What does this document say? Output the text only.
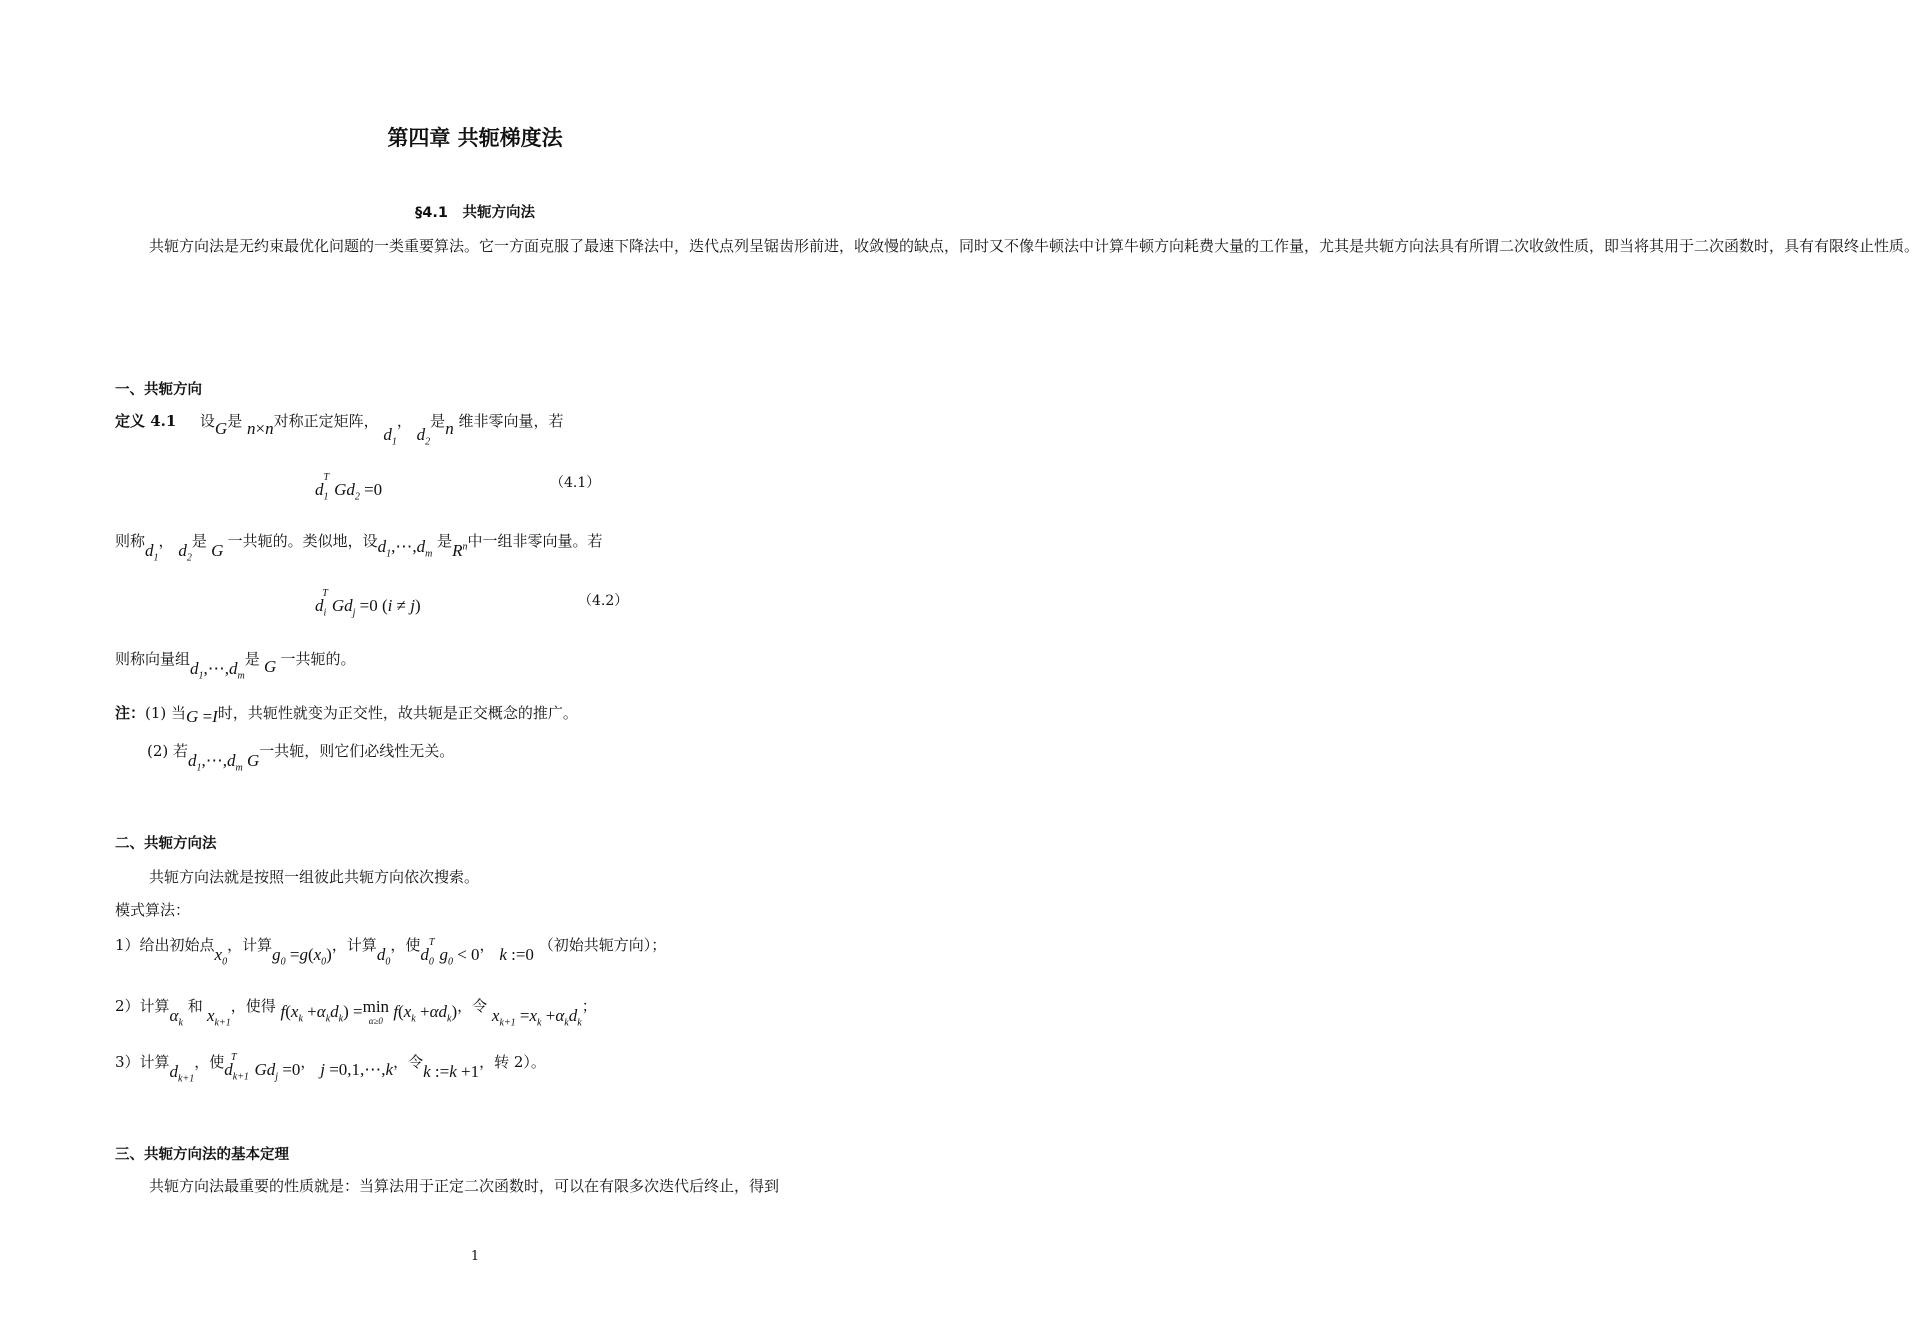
第四章 共轭梯度法
§4.1　共轭方向法
共轭方向法是无约束最优化问题的一类重要算法。它一方面克服了最速下降法中，迭代点列呈锯齿形前进，收敛慢的缺点，同时又不像牛顿法中计算牛顿方向耗费大量的工作量，尤其是共轭方向法具有所谓二次收敛性质，即当将其用于二次函数时，具有有限终止性质。
一、共轭方向
定义 4.1 设G是 n×n对称正定矩阵， $d_1$， $d_2$是n 维非零向量，若
$d_1^TGd_2 =0$	（4.1）
则称$d_1$， $d_2$是 G 一共轭的。类似地，设$d_1,\cdots,d_m$ 是$R^n$中一组非零向量。若
$d_i^TGd_j =0$ (i ≠ j)	（4.2）
则称向量组$d_1,\cdots,d_m$是 G 一共轭的。
注：(1) 当G =I时，共轭性就变为正交性，故共轭是正交概念的推广。
(2) 若$d_1,\cdots,d_m$ G一共轭，则它们必线性无关。
二、共轭方向法
共轭方向法就是按照一组彼此共轭方向依次搜索。
模式算法：
1）给出初始点$x_0$，计算$g_0 =g(x_0)$，计算$d_0$，使$d_0^Tg_0 < 0$， k :=0 （初始共轭方向）；
2）计算$\alpha_k$ 和 $x_{k+1}$，使得 $f(x_k +\alpha_kd_k) =\min$
α≥0 $f(x_k +\alpha d_k)$，令 $x_{k+1} =x_k +\alpha_kd_k$；
3）计算$d_{k+1}$，使$d_{k+1}^TGd_j =0$， j =0,1,⋯,k，令k :=k +1，转 2）。
三、共轭方向法的基本定理
共轭方向法最重要的性质就是：当算法用于正定二次函数时，可以在有限多次迭代后终止，得到
1
